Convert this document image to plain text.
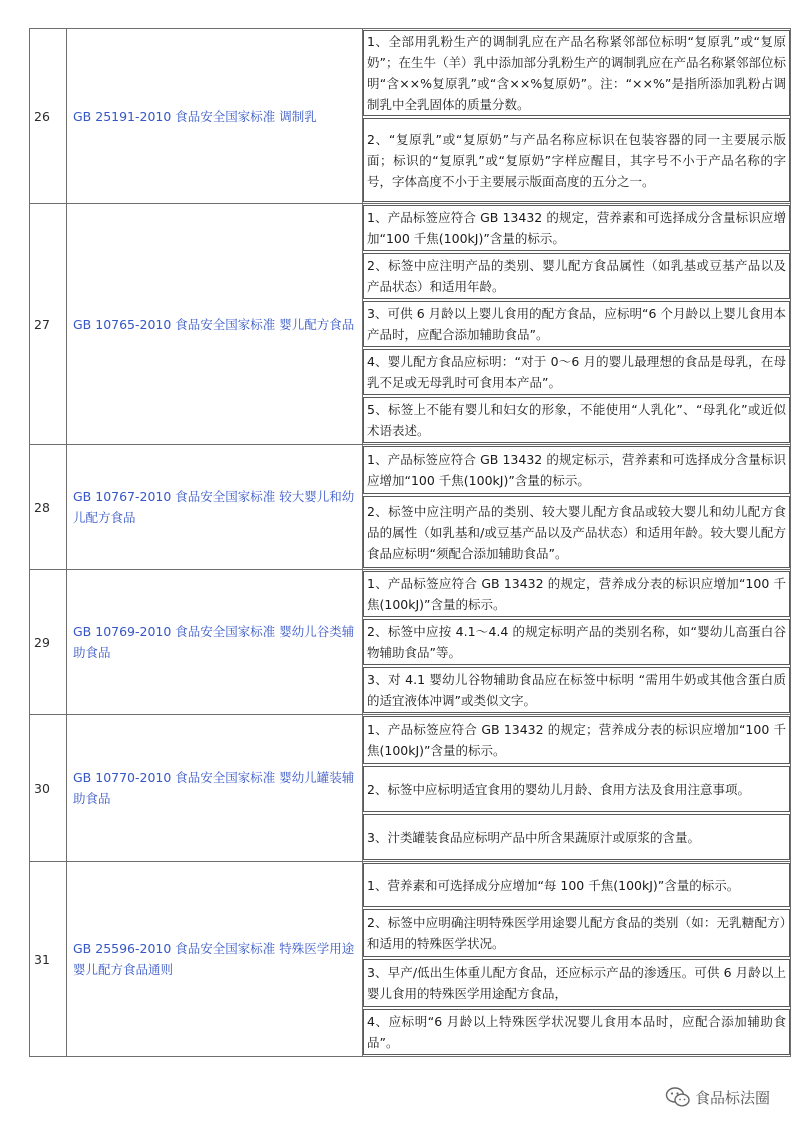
26	GB 25191-2010 食品安全国家标准 调制乳	1、全部用乳粉生产的调制乳应在产品名称紧邻部位标明“复原乳”或“复原奶”；在生牛（羊）乳中添加部分乳粉生产的调制乳应在产品名称紧邻部位标明“含××%复原乳”或“含××%复原奶”。注：“××%”是指所添加乳粉占调制乳中全乳固体的质量分数。
2、“复原乳”或“复原奶”与产品名称应标识在包装容器的同一主要展示版面；标识的“复原乳”或“复原奶”字样应醒目，其字号不小于产品名称的字号，字体高度不小于主要展示版面高度的五分之一。

27	GB 10765-2010 食品安全国家标准 婴儿配方食品	1、产品标签应符合 GB 13432 的规定，营养素和可选择成分含量标识应增加“100 千焦(100kJ)”含量的标示。
2、标签中应注明产品的类别、婴儿配方食品属性（如乳基或豆基产品以及产品状态）和适用年龄。
3、可供 6 月龄以上婴儿食用的配方食品，应标明“6 个月龄以上婴儿食用本产品时，应配合添加辅助食品”。
4、婴儿配方食品应标明：“对于 0～6 月的婴儿最理想的食品是母乳，在母乳不足或无母乳时可食用本产品”。
5、标签上不能有婴儿和妇女的形象，不能使用“人乳化”、“母乳化”或近似术语表述。

28	GB 10767-2010 食品安全国家标准 较大婴儿和幼儿配方食品	1、产品标签应符合 GB 13432 的规定标示，营养素和可选择成分含量标识应增加“100 千焦(100kJ)”含量的标示。
2、标签中应注明产品的类别、较大婴儿配方食品或较大婴儿和幼儿配方食品的属性（如乳基和/或豆基产品以及产品状态）和适用年龄。较大婴儿配方食品应标明“须配合添加辅助食品”。

29	GB 10769-2010 食品安全国家标准 婴幼儿谷类辅助食品	1、产品标签应符合 GB 13432 的规定，营养成分表的标识应增加“100 千焦(100kJ)”含量的标示。
2、标签中应按 4.1～4.4 的规定标明产品的类别名称，如“婴幼儿高蛋白谷物辅助食品”等。
3、对 4.1 婴幼儿谷物辅助食品应在标签中标明 “需用牛奶或其他含蛋白质的适宜液体冲调”或类似文字。

30	GB 10770-2010 食品安全国家标准 婴幼儿罐装辅助食品	1、产品标签应符合 GB 13432 的规定；营养成分表的标识应增加“100 千焦(100kJ)”含量的标示。
2、标签中应标明适宜食用的婴幼儿月龄、食用方法及食用注意事项。
3、汁类罐装食品应标明产品中所含果蔬原汁或原浆的含量。

31	GB 25596-2010 食品安全国家标准 特殊医学用途婴儿配方食品通则	1、营养素和可选择成分应增加“每 100 千焦(100kJ)”含量的标示。
2、标签中应明确注明特殊医学用途婴儿配方食品的类别（如：无乳糖配方）和适用的特殊医学状况。
3、早产/低出生体重儿配方食品，还应标示产品的渗透压。可供 6 月龄以上婴儿食用的特殊医学用途配方食品，
4、应标明“6 月龄以上特殊医学状况婴儿食用本品时，应配合添加辅助食品”。
食品标法圈
